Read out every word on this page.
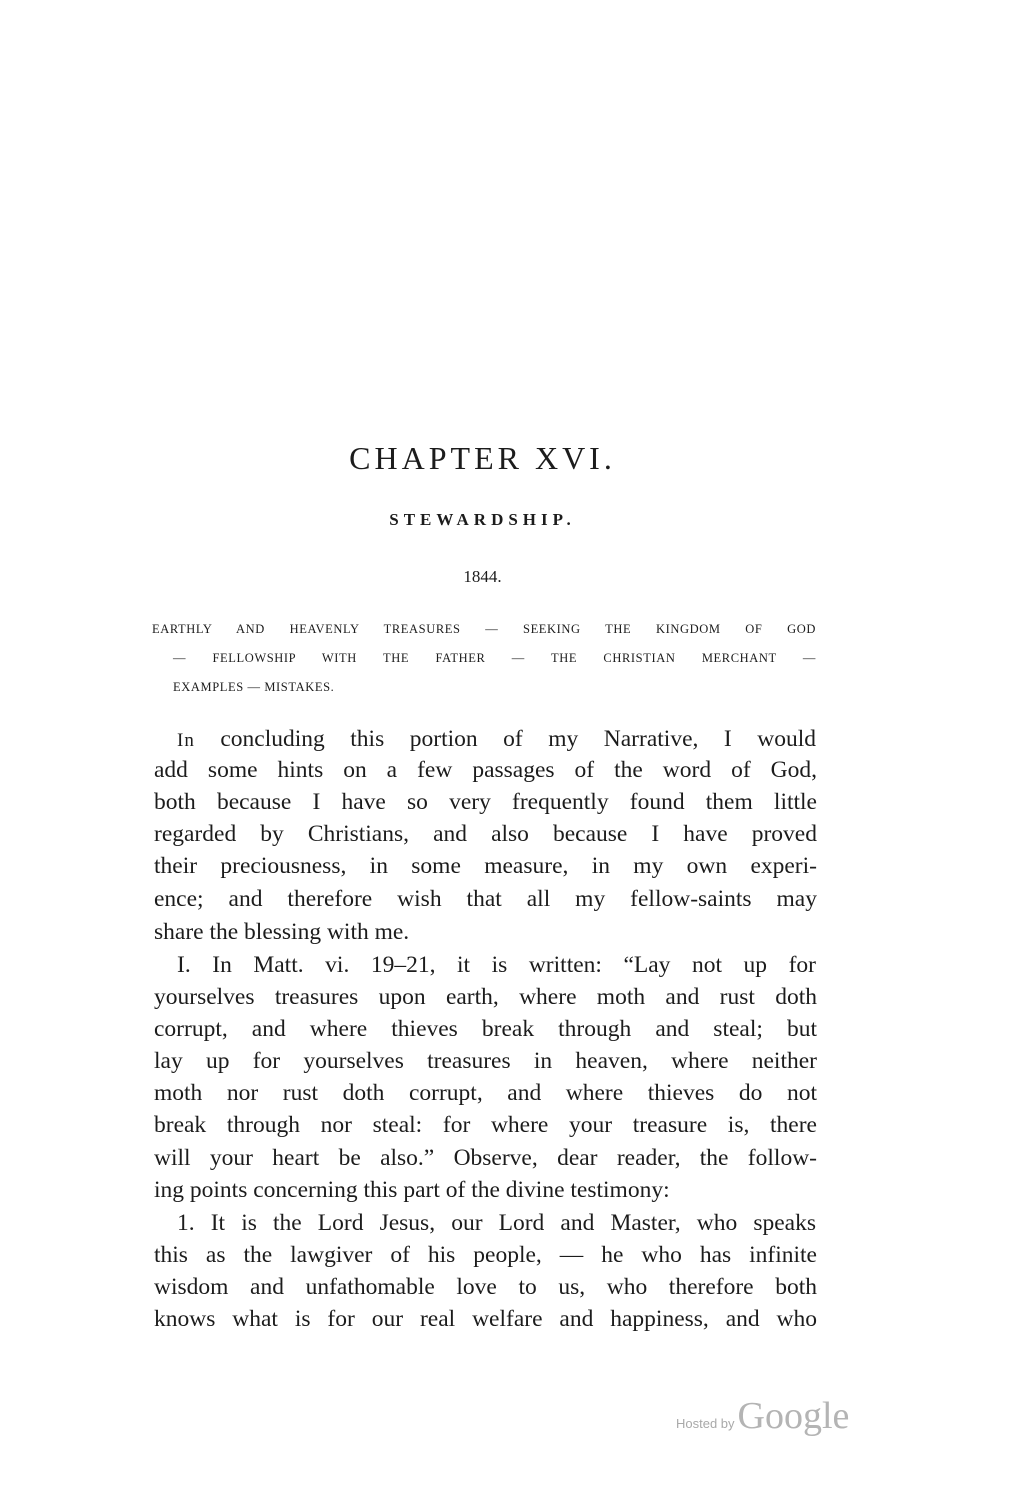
CHAPTER XVI.
STEWARDSHIP.
1844.
EARTHLY AND HEAVENLY TREASURES — SEEKING THE KINGDOM OF GOD
— FELLOWSHIP WITH THE FATHER — THE CHRISTIAN MERCHANT —
EXAMPLES — MISTAKES.
In concluding this portion of my Narrative, I would
add some hints on a few passages of the word of God,
both because I have so very frequently found them little
regarded by Christians, and also because I have proved
their preciousness, in some measure, in my own experi-
ence; and therefore wish that all my fellow-saints may
share the blessing with me.
I. In Matt. vi. 19–21, it is written: “Lay not up for
yourselves treasures upon earth, where moth and rust doth
corrupt, and where thieves break through and steal; but
lay up for yourselves treasures in heaven, where neither
moth nor rust doth corrupt, and where thieves do not
break through nor steal: for where your treasure is, there
will your heart be also.” Observe, dear reader, the follow-
ing points concerning this part of the divine testimony:
1. It is the Lord Jesus, our Lord and Master, who speaks
this as the lawgiver of his people, — he who has infinite
wisdom and unfathomable love to us, who therefore both
knows what is for our real welfare and happiness, and who
Hosted byGoogle
